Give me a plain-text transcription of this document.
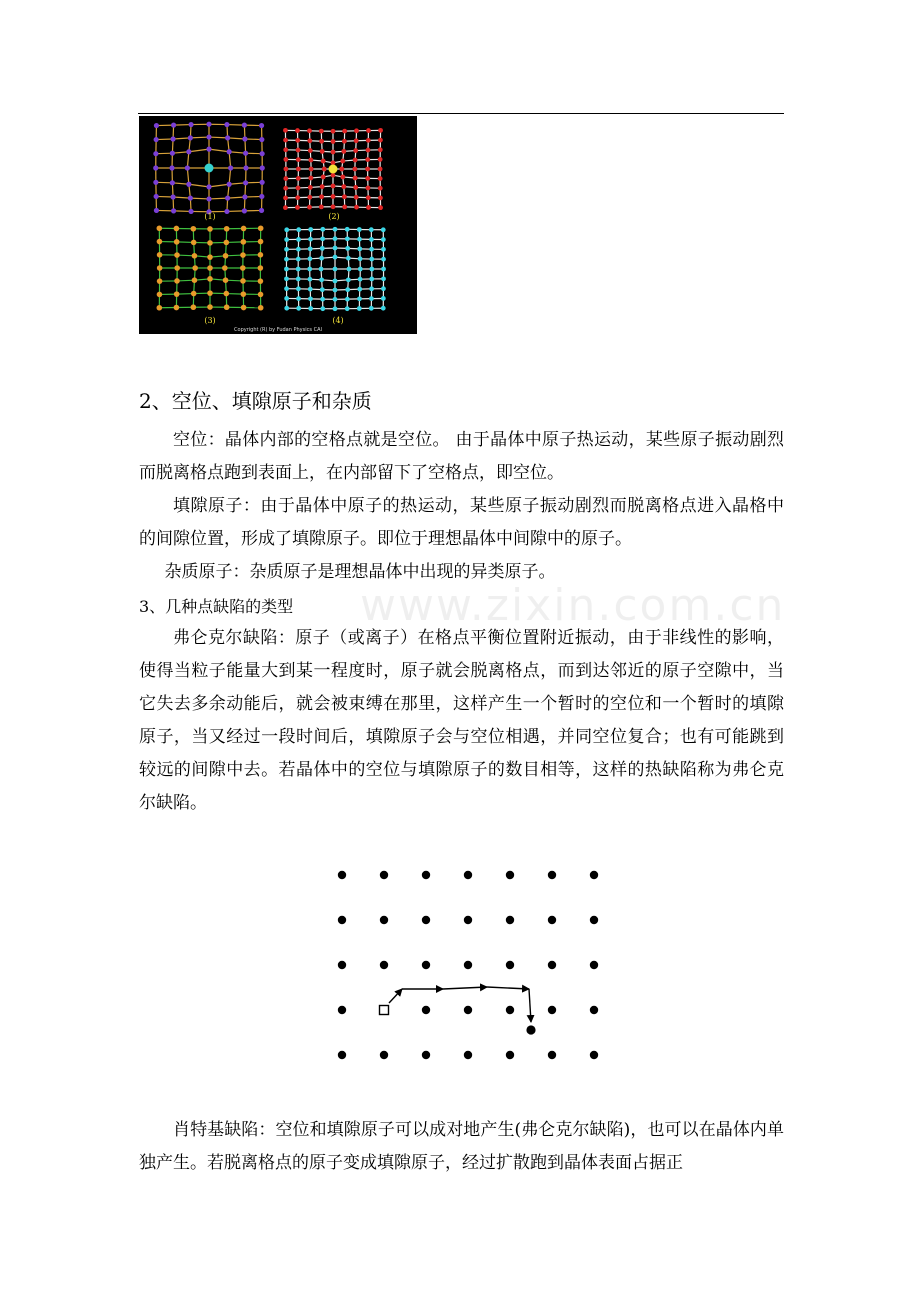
(1)	(2)
(3)	(4)
Copyright (R) by Fudan Physics CAI
www.zixin.com.cn
2、空位、填隙原子和杂质
空位：晶体内部的空格点就是空位。 由于晶体中原子热运动，某些原子振动剧烈而脱离格点跑到表面上，在内部留下了空格点，即空位。
填隙原子：由于晶体中原子的热运动，某些原子振动剧烈而脱离格点进入晶格中的间隙位置，形成了填隙原子。即位于理想晶体中间隙中的原子。
杂质原子：杂质原子是理想晶体中出现的异类原子。
3、几种点缺陷的类型
弗仑克尔缺陷：原子（或离子）在格点平衡位置附近振动，由于非线性的影响，使得当粒子能量大到某一程度时，原子就会脱离格点，而到达邻近的原子空隙中，当它失去多余动能后，就会被束缚在那里，这样产生一个暂时的空位和一个暂时的填隙原子，当又经过一段时间后，填隙原子会与空位相遇，并同空位复合；也有可能跳到较远的间隙中去。若晶体中的空位与填隙原子的数目相等，这样的热缺陷称为弗仑克尔缺陷。
肖特基缺陷：空位和填隙原子可以成对地产生(弗仑克尔缺陷)，也可以在晶体内单独产生。若脱离格点的原子变成填隙原子，经过扩散跑到晶体表面占据正
